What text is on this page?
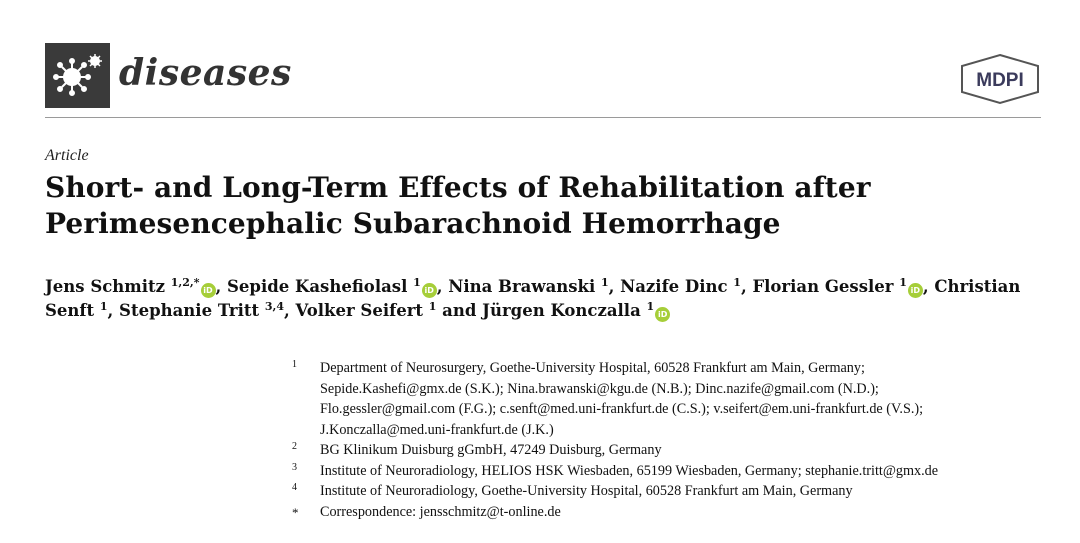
diseases	MDPI
Article
Short- and Long-Term Effects of Rehabilitation after
Perimesencephalic Subarachnoid Hemorrhage
Jens Schmitz $^{1,2,*}$iD , Sepide Kashefiolasl $^1$iD , Nina Brawanski $^1$, Nazife Dinc $^1$, Florian Gessler $^1$iD , Christian Senft $^1$, Stephanie Tritt $^{3,4}$, Volker Seifert $^1$ and Jürgen Konczalla $^1$iD
1 Department of Neurosurgery, Goethe-University Hospital, 60528 Frankfurt am Main, Germany;
Sepide.Kashefi@gmx.de (S.K.); Nina.brawanski@kgu.de (N.B.); Dinc.nazife@gmail.com (N.D.);
Flo.gessler@gmail.com (F.G.); c.senft@med.uni-frankfurt.de (C.S.); v.seifert@em.uni-frankfurt.de (V.S.);
J.Konczalla@med.uni-frankfurt.de (J.K.)
2 BG Klinikum Duisburg gGmbH, 47249 Duisburg, Germany
3 Institute of Neuroradiology, HELIOS HSK Wiesbaden, 65199 Wiesbaden, Germany; stephanie.tritt@gmx.de
4 Institute of Neuroradiology, Goethe-University Hospital, 60528 Frankfurt am Main, Germany
* Correspondence: jensschmitz@t-online.de
